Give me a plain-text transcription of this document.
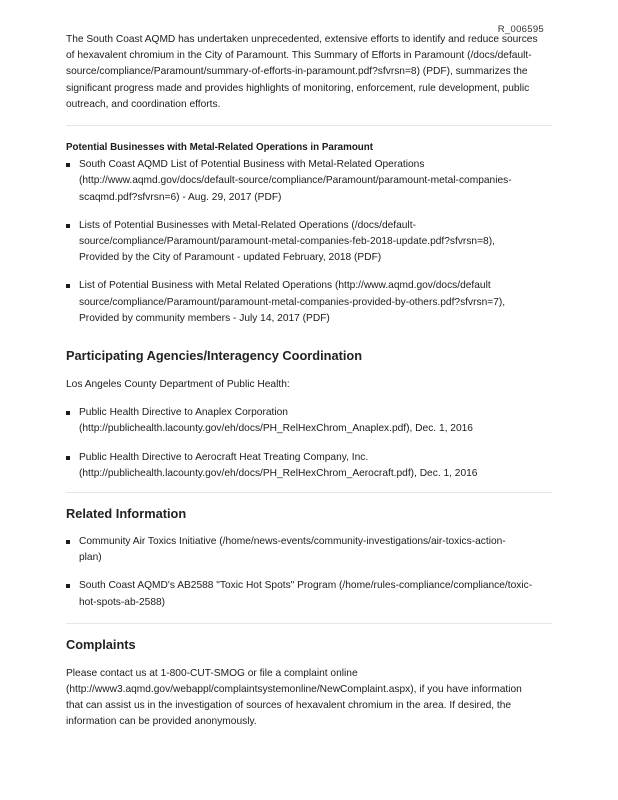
R_006595

The South Coast AQMD has undertaken unprecedented, extensive efforts to identify and reduce sources
of hexavalent chromium in the City of Paramount. This Summary of Efforts in Paramount (/docs/default-
source/compliance/Paramount/summary-of-efforts-in-paramount.pdf?sfvrsn=8) (PDF), summarizes the
significant progress made and provides highlights of monitoring, enforcement, rule development, public
outreach, and coordination efforts.

Potential Businesses with Metal-Related Operations in Paramount
South Coast AQMD List of Potential Business with Metal-Related Operations
(http://www.aqmd.gov/docs/default-source/compliance/Paramount/paramount-metal-companies-
scaqmd.pdf?sfvrsn=6) - Aug. 29, 2017 (PDF)
Lists of Potential Businesses with Metal-Related Operations (/docs/default-
source/compliance/Paramount/paramount-metal-companies-feb-2018-update.pdf?sfvrsn=8),
Provided by the City of Paramount - updated February, 2018 (PDF)
List of Potential Business with Metal Related Operations (http://www.aqmd.gov/docs/default
source/compliance/Paramount/paramount-metal-companies-provided-by-others.pdf?sfvrsn=7),
Provided by community members - July 14, 2017 (PDF)
Participating Agencies/Interagency Coordination

Los Angeles County Department of Public Health:

Public Health Directive to Anaplex Corporation
(http://publichealth.lacounty.gov/eh/docs/PH_RelHexChrom_Anaplex.pdf), Dec. 1, 2016
Public Health Directive to Aerocraft Heat Treating Company, Inc.
(http://publichealth.lacounty.gov/eh/docs/PH_RelHexChrom_Aerocraft.pdf), Dec. 1, 2016
Related Information
Community Air Toxics Initiative (/home/news-events/community-investigations/air-toxics-action-
plan)
South Coast AQMD's AB2588 "Toxic Hot Spots" Program (/home/rules-compliance/compliance/toxic-
hot-spots-ab-2588)
Complaints

Please contact us at 1-800-CUT-SMOG or file a complaint online
(http://www3.aqmd.gov/webappl/complaintsystemonline/NewComplaint.aspx), if you have information
that can assist us in the investigation of sources of hexavalent chromium in the area. If desired, the
information can be provided anonymously.
